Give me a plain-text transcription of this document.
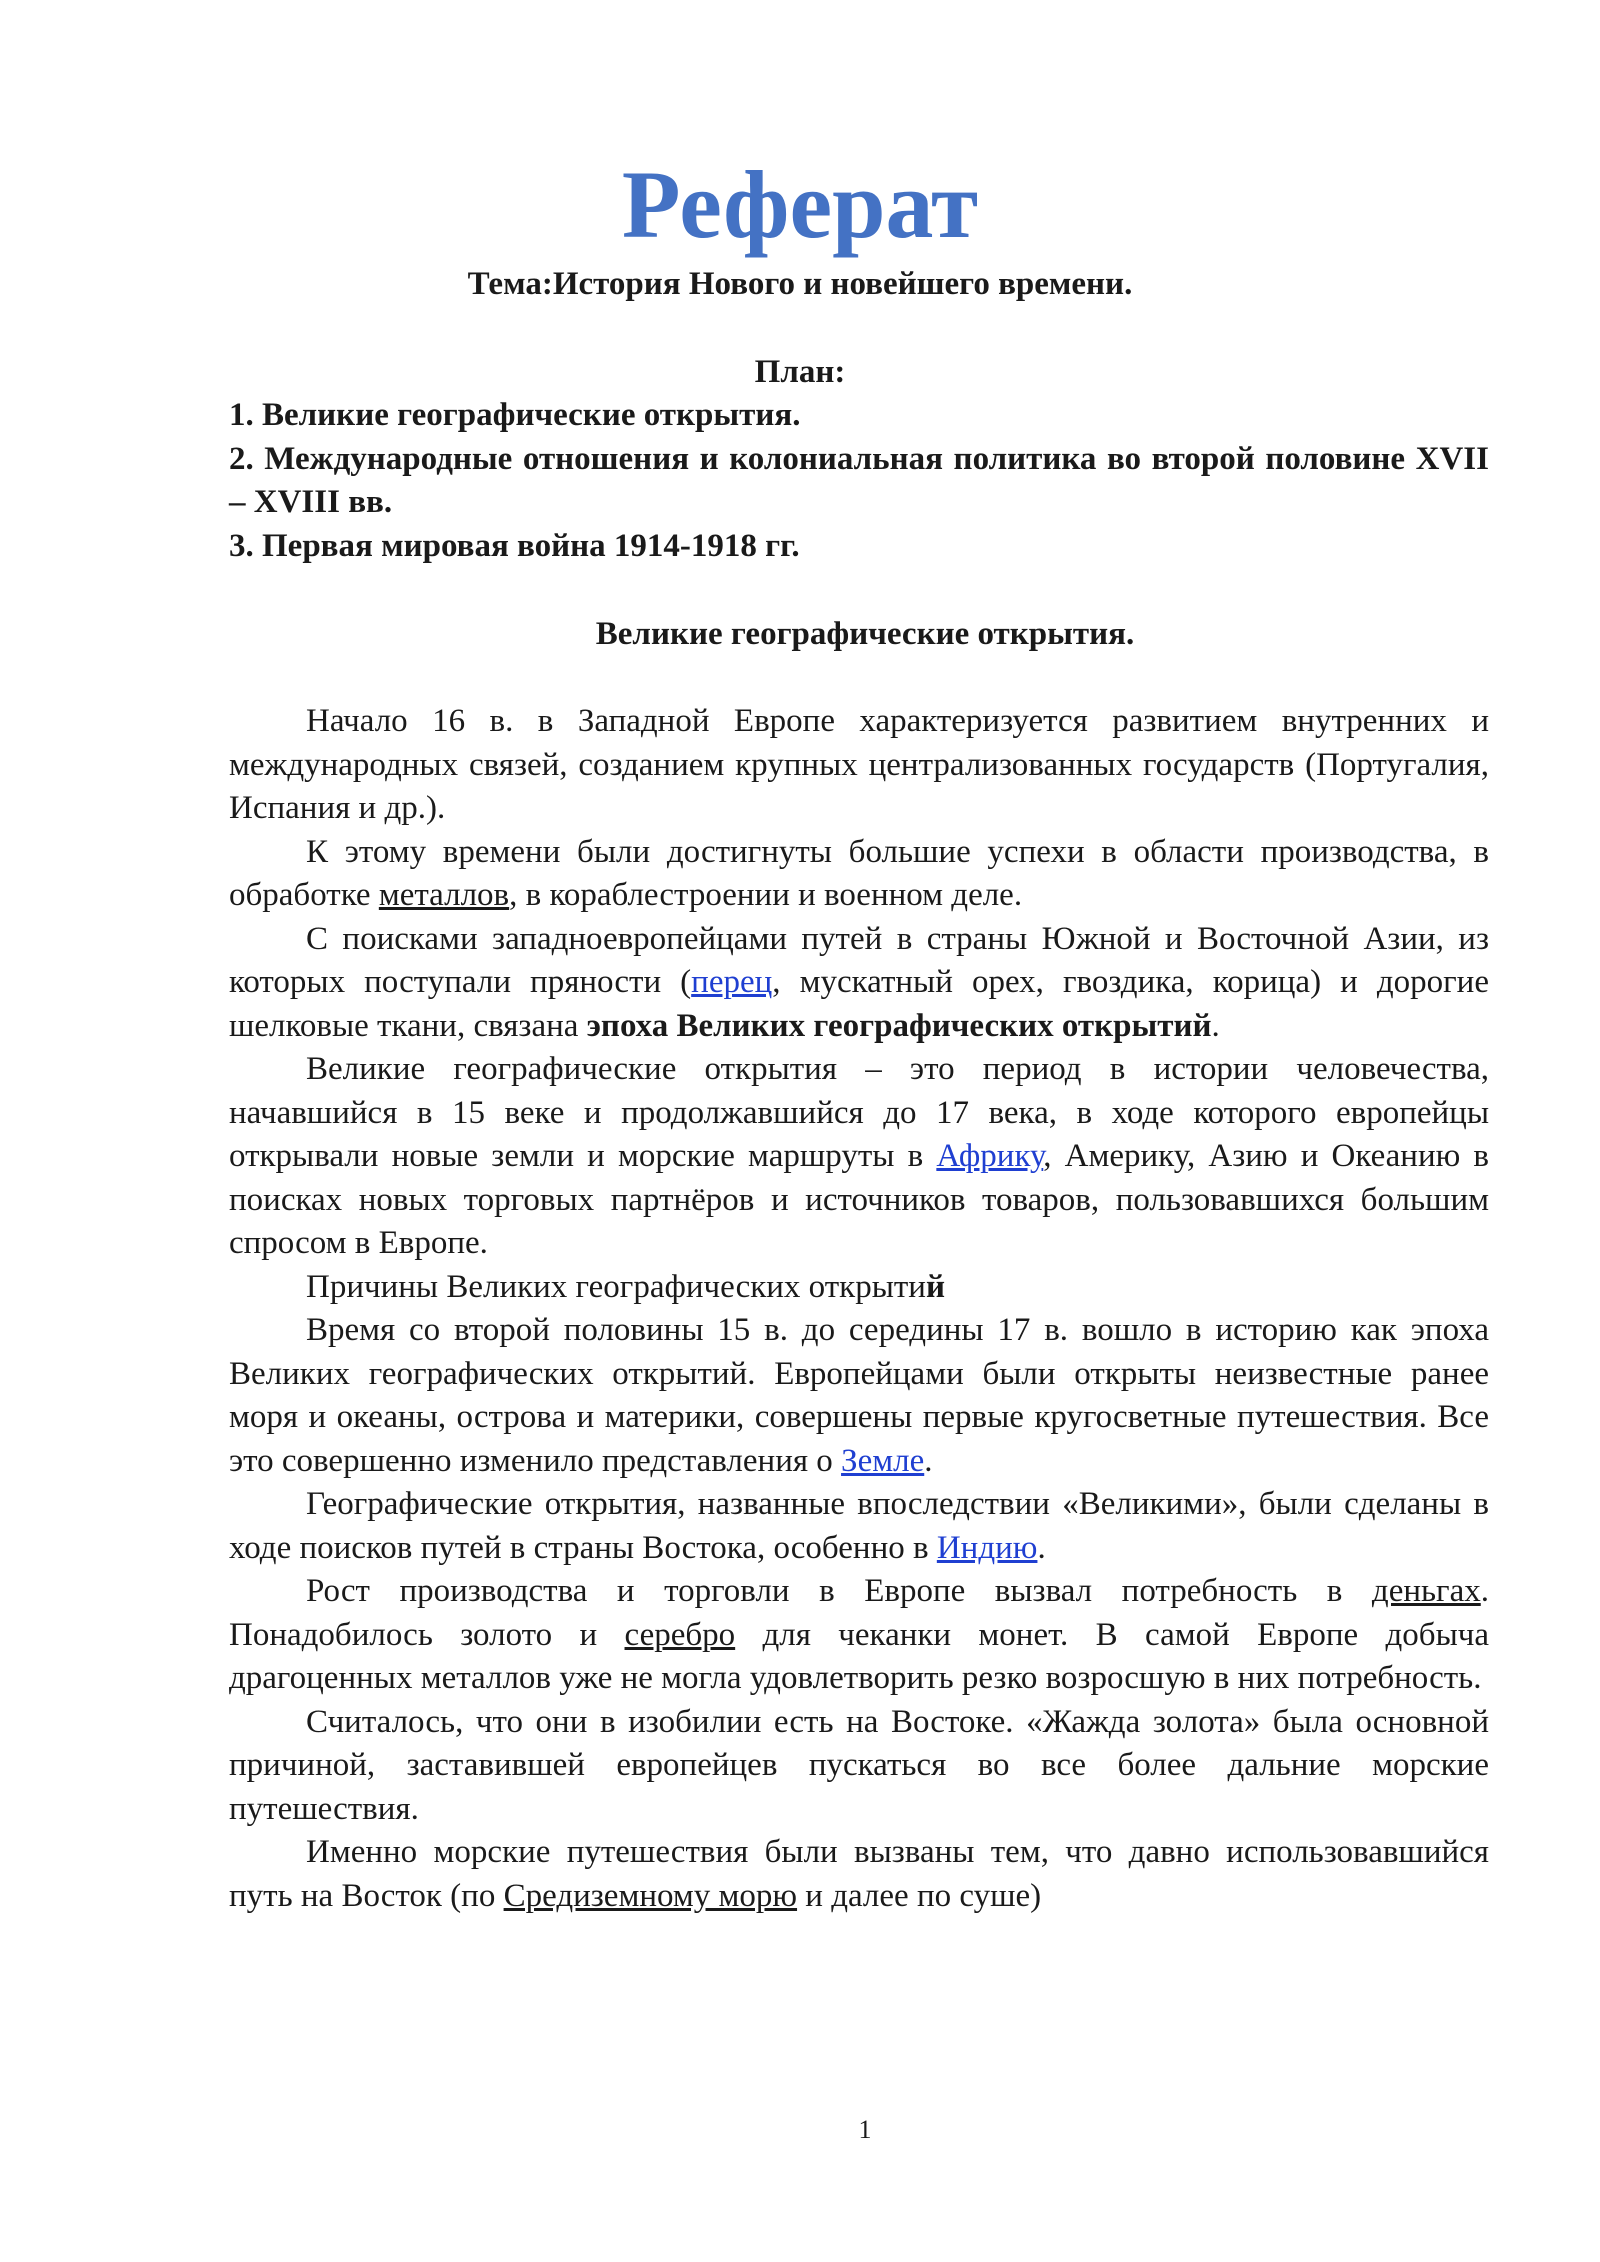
Реферат

Тема:История Нового и новейшего времени.

План:

1. Великие географические открытия.
2. Международные отношения и колониальная политика во второй половине XVII – XVIII вв.
3. Первая мировая война 1914-1918 гг.

Великие географические открытия.

Начало 16 в. в Западной Европе характеризуется развитием внутренних и международных связей, созданием крупных централизованных государств (Португалия, Испания и др.).

К этому времени были достигнуты большие успехи в области производства, в обработке металлов, в кораблестроении и военном деле.

С поисками западноевропейцами путей в страны Южной и Восточной Азии, из которых поступали пряности (перец, мускатный орех, гвоздика, корица) и дорогие шелковые ткани, связана эпоха Великих географических открытий.

Великие географические открытия – это период в истории человечества, начавшийся в 15 веке и продолжавшийся до 17 века, в ходе которого европейцы открывали новые земли и морские маршруты в Африку, Америку, Азию и Океанию в поисках новых торговых партнёров и источников товаров, пользовавшихся большим спросом в Европе.

Причины Великих географических открытий

Время со второй половины 15 в. до середины 17 в. вошло в историю как эпоха Великих географических открытий. Европейцами были открыты неизвестные ранее моря и океаны, острова и материки, совершены первые кругосветные путешествия. Все это совершенно изменило представления о Земле.

Географические открытия, названные впоследствии «Великими», были сделаны в ходе поисков путей в страны Востока, особенно в Индию.

Рост производства и торговли в Европе вызвал потребность в деньгах. Понадобилось золото и серебро для чеканки монет. В самой Европе добыча драгоценных металлов уже не могла удовлетворить резко возросшую в них потребность.

Считалось, что они в изобилии есть на Востоке. «Жажда золота» была основной причиной, заставившей европейцев пускаться во все более дальние морские путешествия.

Именно морские путешествия были вызваны тем, что давно использовавшийся путь на Восток (по Средиземному морю и далее по суше)

1
